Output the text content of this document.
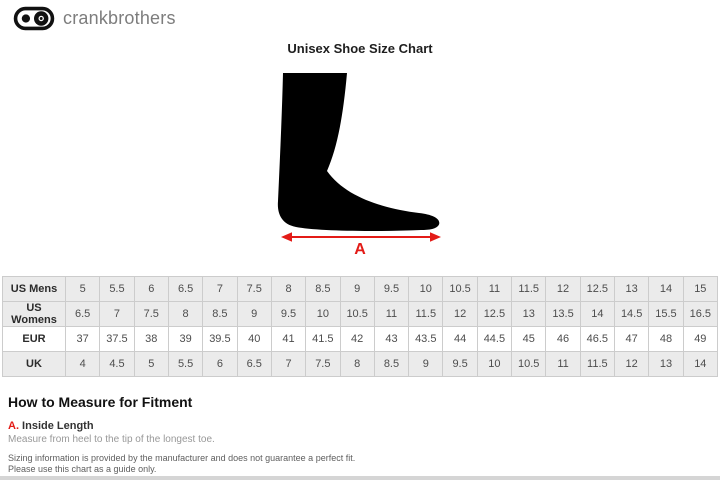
crankbrothers
Unisex Shoe Size Chart
A
US Mens	5	5.5	6	6.5	7	7.5	8	8.5	9	9.5	10	10.5	11	11.5	12	12.5	13	14	15
US Womens	6.5	7	7.5	8	8.5	9	9.5	10	10.5	11	11.5	12	12.5	13	13.5	14	14.5	15.5	16.5
EUR	37	37.5	38	39	39.5	40	41	41.5	42	43	43.5	44	44.5	45	46	46.5	47	48	49
UK	4	4.5	5	5.5	6	6.5	7	7.5	8	8.5	9	9.5	10	10.5	11	11.5	12	13	14

How to Measure for Fitment

A. Inside Length

Measure from heel to the tip of the longest toe.

Sizing information is provided by the manufacturer and does not guarantee a perfect fit.
Please use this chart as a guide only.
